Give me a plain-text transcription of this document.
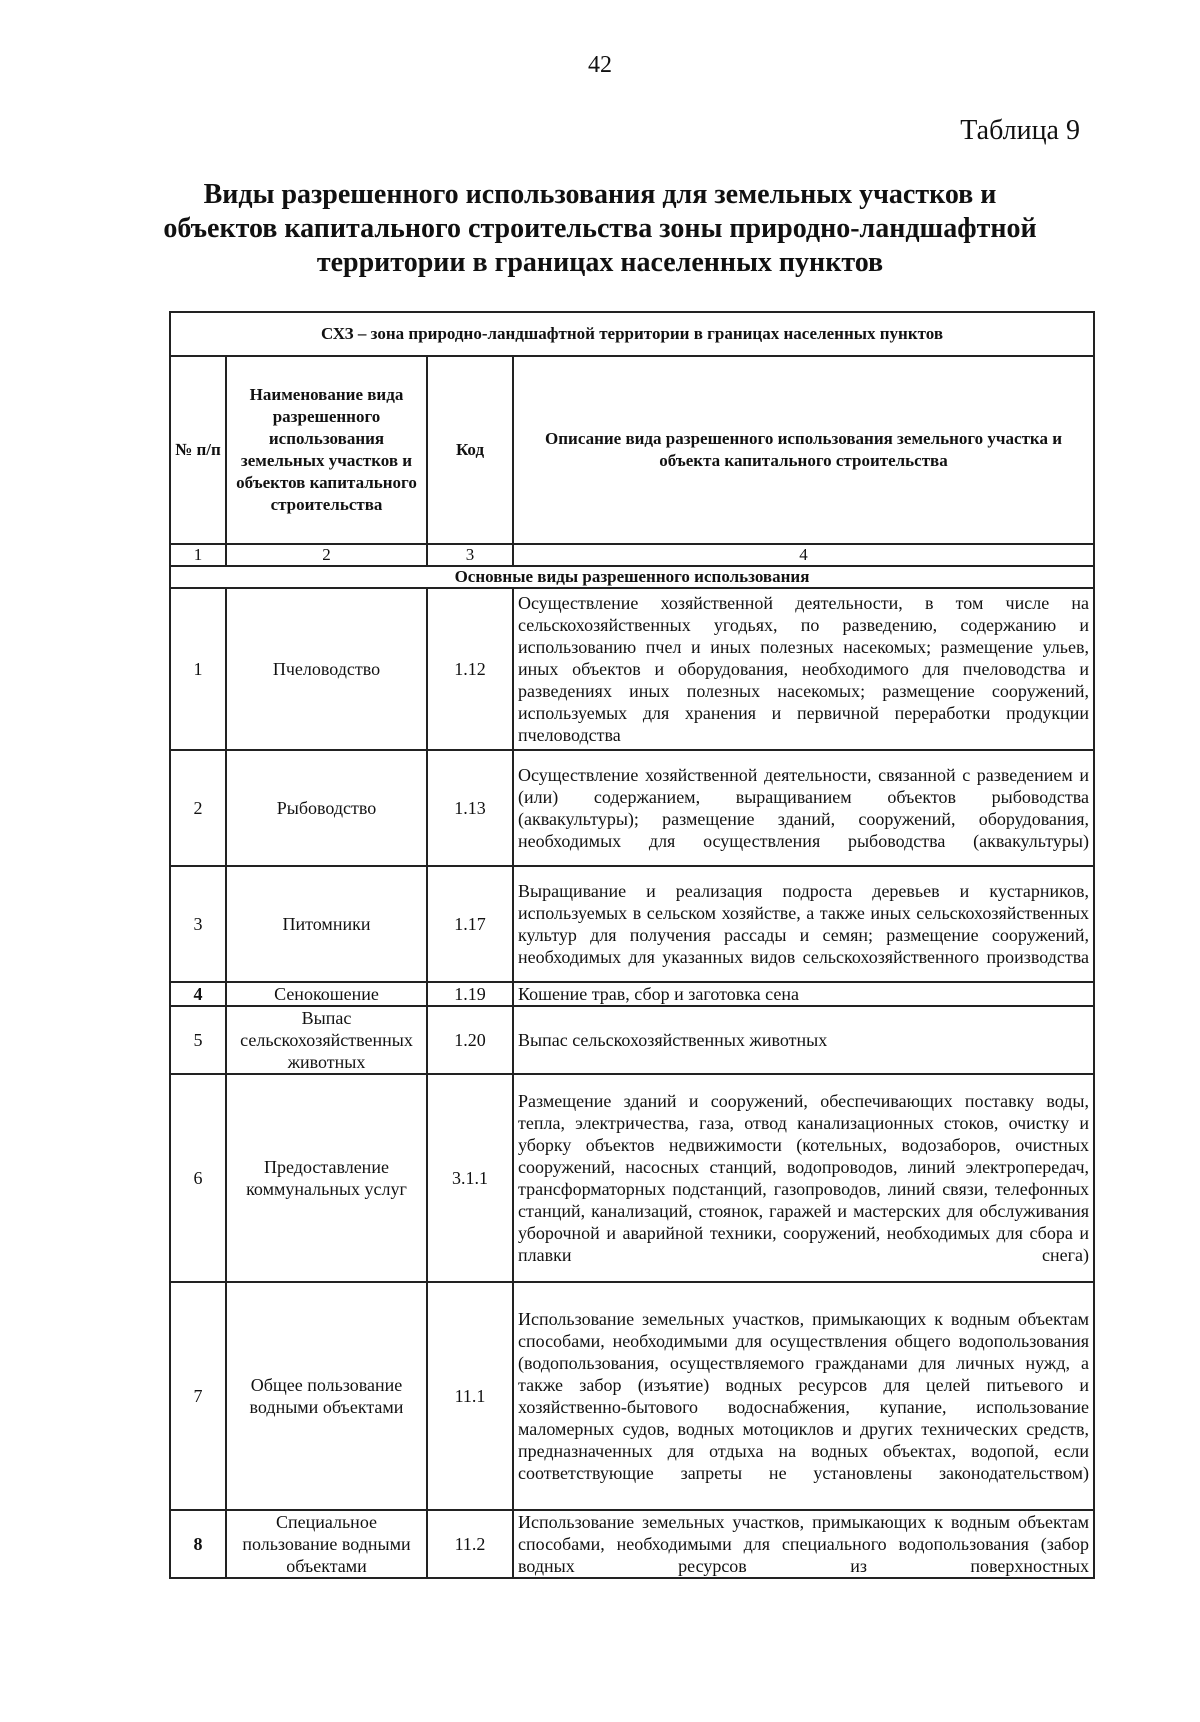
42
Таблица 9
Виды разрешенного использования для земельных участков и объектов капитального строительства зоны природно-ландшафтной территории в границах населенных пунктов
СХЗ – зона природно-ландшафтной территории в границах населенных пунктов			
№ п/п	Наименование вида разрешенного использования земельных участков и объектов капитального строительства	Код	Описание вида разрешенного использования земельного участка и объекта капитального строительства
1	2	3	4
Основные виды разрешенного использования			
1	Пчеловодство	1.12	Осуществление хозяйственной деятельности, в том числе на сельскохозяйственных угодьях, по разведению, содержанию и использованию пчел и иных полезных насекомых; размещение ульев, иных объектов и оборудования, необходимого для пчеловодства и разведениях иных полезных насекомых; размещение сооружений, используемых для хранения и первичной переработки продукции пчеловодства
2	Рыбоводство	1.13	Осуществление хозяйственной деятельности, связанной с разведением и (или) содержанием, выращиванием объектов рыбоводства (аквакультуры); размещение зданий, сооружений, оборудования, необходимых для осуществления рыбоводства (аквакультуры)
3	Питомники	1.17	Выращивание и реализация подроста деревьев и кустарников, используемых в сельском хозяйстве, а также иных сельскохозяйственных культур для получения рассады и семян; размещение сооружений, необходимых для указанных видов сельскохозяйственного производства
4	Сенокошение	1.19	Кошение трав, сбор и заготовка сена
5	Выпас сельскохозяйственных животных	1.20	Выпас сельскохозяйственных животных
6	Предоставление коммунальных услуг	3.1.1	Размещение зданий и сооружений, обеспечивающих поставку воды, тепла, электричества, газа, отвод канализационных стоков, очистку и уборку объектов недвижимости (котельных, водозаборов, очистных сооружений, насосных станций, водопроводов, линий электропередач, трансформаторных подстанций, газопроводов, линий связи, телефонных станций, канализаций, стоянок, гаражей и мастерских для обслуживания уборочной и аварийной техники, сооружений, необходимых для сбора и плавки снега)
7	Общее пользование водными объектами	11.1	Использование земельных участков, примыкающих к водным объектам способами, необходимыми для осуществления общего водопользования (водопользования, осуществляемого гражданами для личных нужд, а также забор (изъятие) водных ресурсов для целей питьевого и хозяйственно-бытового водоснабжения, купание, использование маломерных судов, водных мотоциклов и других технических средств, предназначенных для отдыха на водных объектах, водопой, если соответствующие запреты не установлены законодательством)
8	Специальное пользование водными объектами	11.2	Использование земельных участков, примыкающих к водным объектам способами, необходимыми для специального водопользования (забор водных ресурсов из поверхностных
